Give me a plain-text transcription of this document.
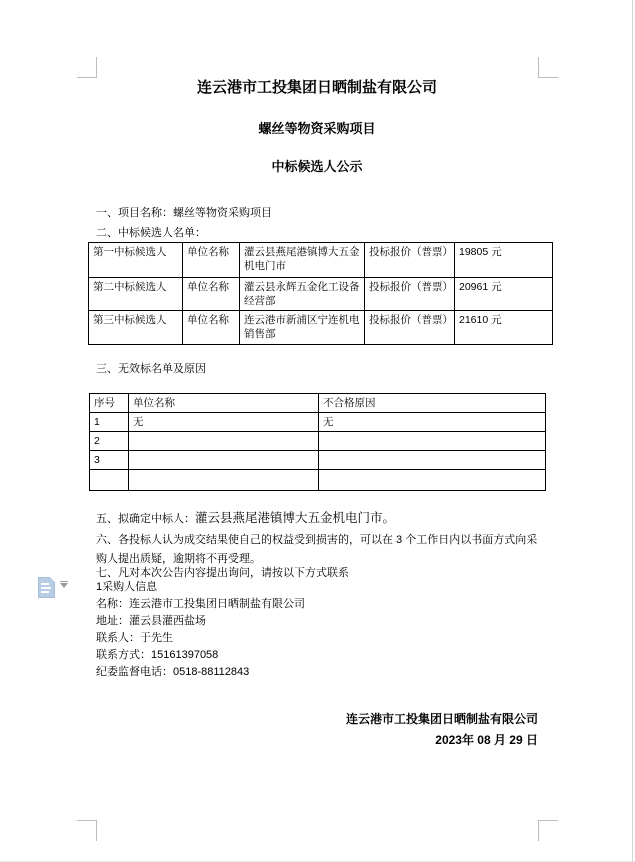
连云港市工投集团日晒制盐有限公司
螺丝等物资采购项目
中标候选人公示
一、项目名称：螺丝等物资采购项目
二、中标候选人名单：
第一中标候选人	单位名称	灌云县燕尾港镇博大五金机电门市	投标报价（普票）	19805 元
第二中标候选人	单位名称	灌云县永辉五金化工设备经营部	投标报价（普票）	20961 元
第三中标候选人	单位名称	连云港市新浦区宁连机电销售部	投标报价（普票）	21610 元
三、无效标名单及原因
序号	单位名称	不合格原因
1	无	无
2		
3		

五、拟确定中标人：灌云县燕尾港镇博大五金机电门市。
六、各投标人认为成交结果使自己的权益受到损害的，可以在 3 个工作日内以书面方式向采购人提出质疑，逾期将不再受理。
七、凡对本次公告内容提出询问，请按以下方式联系
1采购人信息
名称：连云港市工投集团日晒制盐有限公司
地址：灌云县灌西盐场
联系人：于先生
联系方式：15161397058
纪委监督电话：0518-88112843
连云港市工投集团日晒制盐有限公司
2023年 08 月 29 日
